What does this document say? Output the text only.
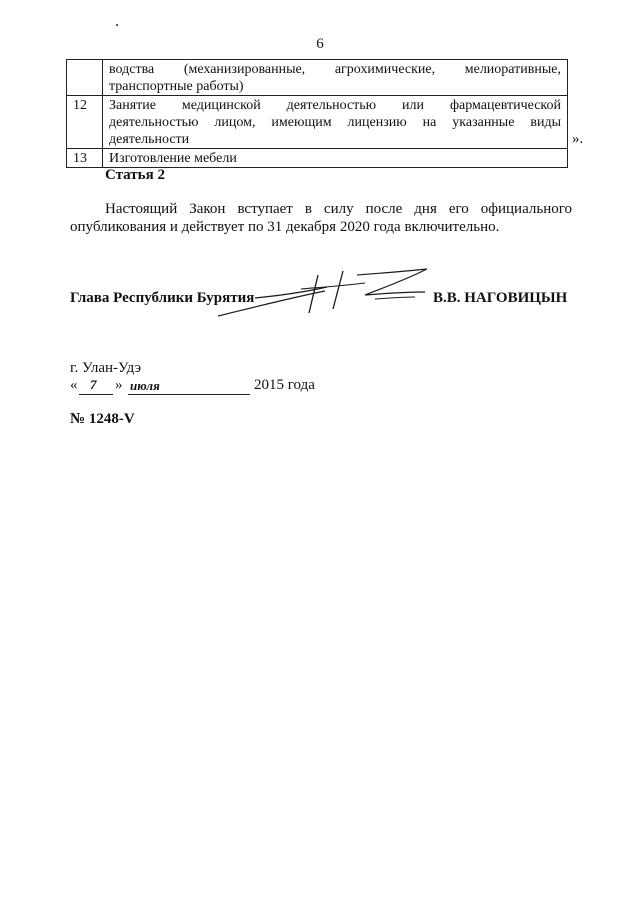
6
	водства (механизированные, агрохимические, мелиоративные, транспортные работы)
12	Занятие медицинской деятельностью или фармацевтической деятельностью лицом, имеющим лицензию на указанные виды деятельности
13	Изготовление мебели
».
Статья 2
Настоящий Закон вступает в силу после дня его официального опубликования и действует по 31 декабря 2020 года включительно.
Глава Республики Бурятия	В.В. НАГОВИЦЫН
г. Улан-Удэ
« 7 » июля	2015 года
№ 1248-V
